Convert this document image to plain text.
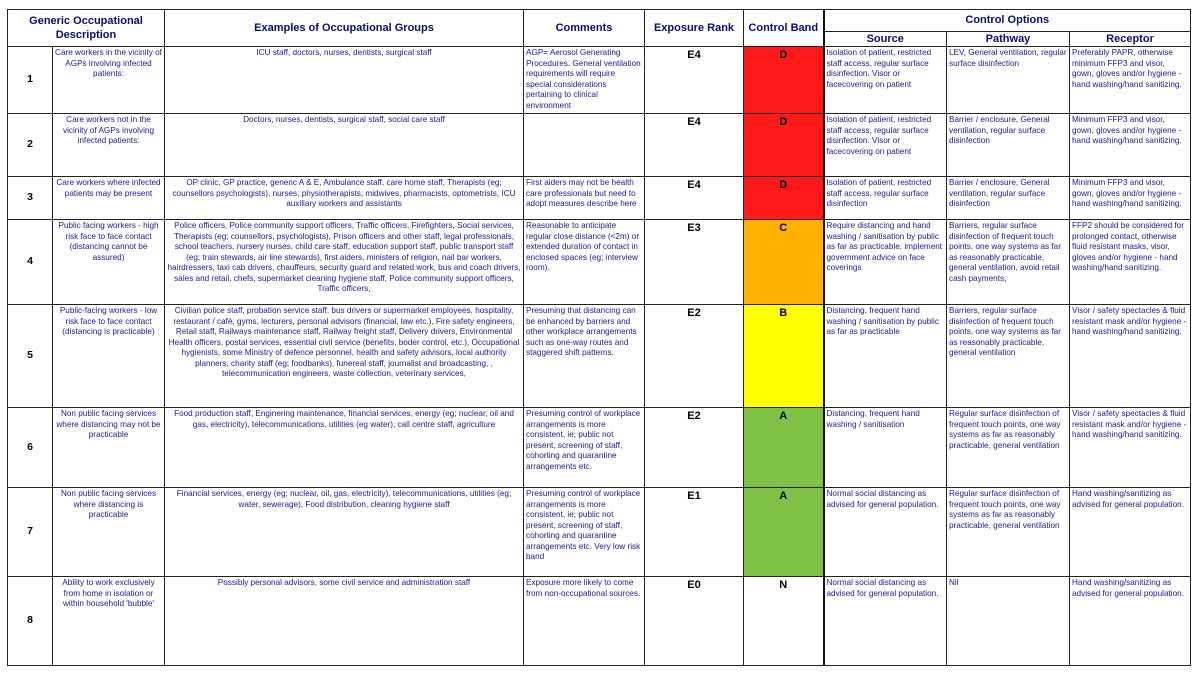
Generic Occupational Description		Examples of Occupational Groups	Comments	Exposure Rank	Control Band	Control Options		
						Source	Pathway	Receptor
1	Care workers in the vicinity of AGPs involving infected patients:	ICU staff, doctors, nurses, dentists, surgical staff	AGP= Aerosol Generating Procedures. General ventilation requirements will require special considerations pertaining to clinical environment	E4	D	Isolation of patient, restricted staff access, regular surface disinfection. Visor or facecovering on patient	LEV, General ventilation, regular surface disinfection	Preferably PAPR, otherwise minimum FFP3 and visor, gown, gloves and/or hygiene - hand washing/hand sanitizing.
2	Care workers not in the vicinity of AGPs involving infected patients:	Doctors, nurses, dentists, surgical staff, social care staff		E4	D	Isolation of patient, restricted staff access, regular surface disinfection. Visor or facecovering on patient	Barrier / enclosure, General ventilation, regular surface disinfection	Minimum FFP3 and visor, gown, gloves and/or hygiene - hand washing/hand sanitizing.
3	Care workers where infected patients may be present	OP clinic, GP practice, generic A & E, Ambulance staff, care home staff, Therapists (eg; counsellors psychologists), nurses, physiotherapists, midwives, pharmacists, optometrists, ICU auxiliary workers and assistants	First aiders may not be health care professionals but need to adopt measures describe here	E4	D	Isolation of patient, restricted staff access, regular surface disinfection	Barrier / enclosure, General ventilation, regular surface disinfection	Minimum FFP3 and visor, gown, gloves and/or hygiene - hand washing/hand sanitizing.
4	Public facing workers - high risk face to face contact (distancing cannot be assured)	Police officers, Police community support officers, Traffic officers, Firefighters, Social services, Therapists (eg; counsellors, psychologists), Prison officers and other staff, legal professionals, school teachers, nursery nurses, child care staff, education support staff, public transport staff (eg; train stewards, air line stewards), first aiders, ministers of religion, nail bar workers, hairdressers, taxi cab drivers, chauffeurs, security guard and related work, bus and coach drivers, sales and retail, chefs, supermarket cleaning hygiene staff, Police community support officers, Traffic officers,	Reasonable to anticipate regular close distance (<2m) or extended duration of contact in enclosed spaces (eg; interview room).	E3	C	Require distancing and hand washing / sanitisation by public as far as practicable, implement government advice on face coverings	Barriers, regular surface disinfection of frequent touch points, one way systems as far as reasonably practicable, general ventilation, avoid retail cash payments,	FFP2 should be considered for prolonged contact, otherwise fluid resistant masks, visor, gloves and/or hygiene - hand washing/hand sanitizing.
5	Public-facing workers - low risk face to face contact (distancing is practicable)	Civilian police staff, probation service staff, bus drivers or supermarket employees, hospitality, restaurant / café, gyms, lecturers, personal advisors (financial, law etc.), Fire safety engineers, Retail staff, Railways maintenance staff, Railway freight staff, Delivery drivers, Environmental Health officers, postal services, essential civil service (benefits, boder control, etc.), Occupational hygienists, some Ministry of defence personnel, health and safety advisors, local authority planners, charity staff (eg; foodbanks), funereal staff, journalist and broadcasting, , telecommunication engineers, waste collection, veterinary services,	Presuming that distancing can be enhanced by barriers and other workplace arrangements such as one-way routes and staggered shift patterns.	E2	B	Distancing, frequent hand washing / sanitisation by public as far as practicable	Barriers, regular surface disinfection of frequent touch points, one way systems as far as reasonably practicable, general ventilation	Visor / safety spectacles & fluid resistant mask and/or hygiene - hand washing/hand sanitizing.
6	Non public facing services where distancing may not be practicable	Food production staff, Enginering maintenance, financial services, energy (eg; nuclear, oil and gas, electricity), telecommunications, utilities (eg water), call centre staff, agriculture	Presuming control of workplace arrangements is more consistent, ie; public not present, screening of staff, cohorting and quarantine arrangements etc.	E2	A	Distancing, frequent hand washing / sanitisation	Regular surface disinfection of frequent touch points, one way systems as far as reasonably practicable, general ventilation	Visor / safety spectacles & fluid resistant mask and/or hygiene - hand washing/hand sanitizing.
7	Non public facing services where distancing is practicable	Financial services, energy (eg; nuclear, oil, gas, electricity), telecommunications, utilities (eg; water, sewerage), Food distribution, cleaning hygiene staff	Presuming control of workplace arrangements is more consistent, ie; public not present, screening of staff, cohorting and quarantine arrangements etc. Very low risk band	E1	A	Normal social distancing as advised for general population.	Regular surface disinfection of frequent touch points, one way systems as far as reasonably practicable, general ventilation	Hand washing/sanitizing as advised for general population.
8	Ability to work exclusively from home in isolation or within household 'bubble'	Possibly personal advisors, some civil service and administration staff	Exposure more likely to come from non-occupational sources.	E0	N	Normal social distancing as advised for general population.	Nil	Hand washing/sanitizing as advised for general population.
